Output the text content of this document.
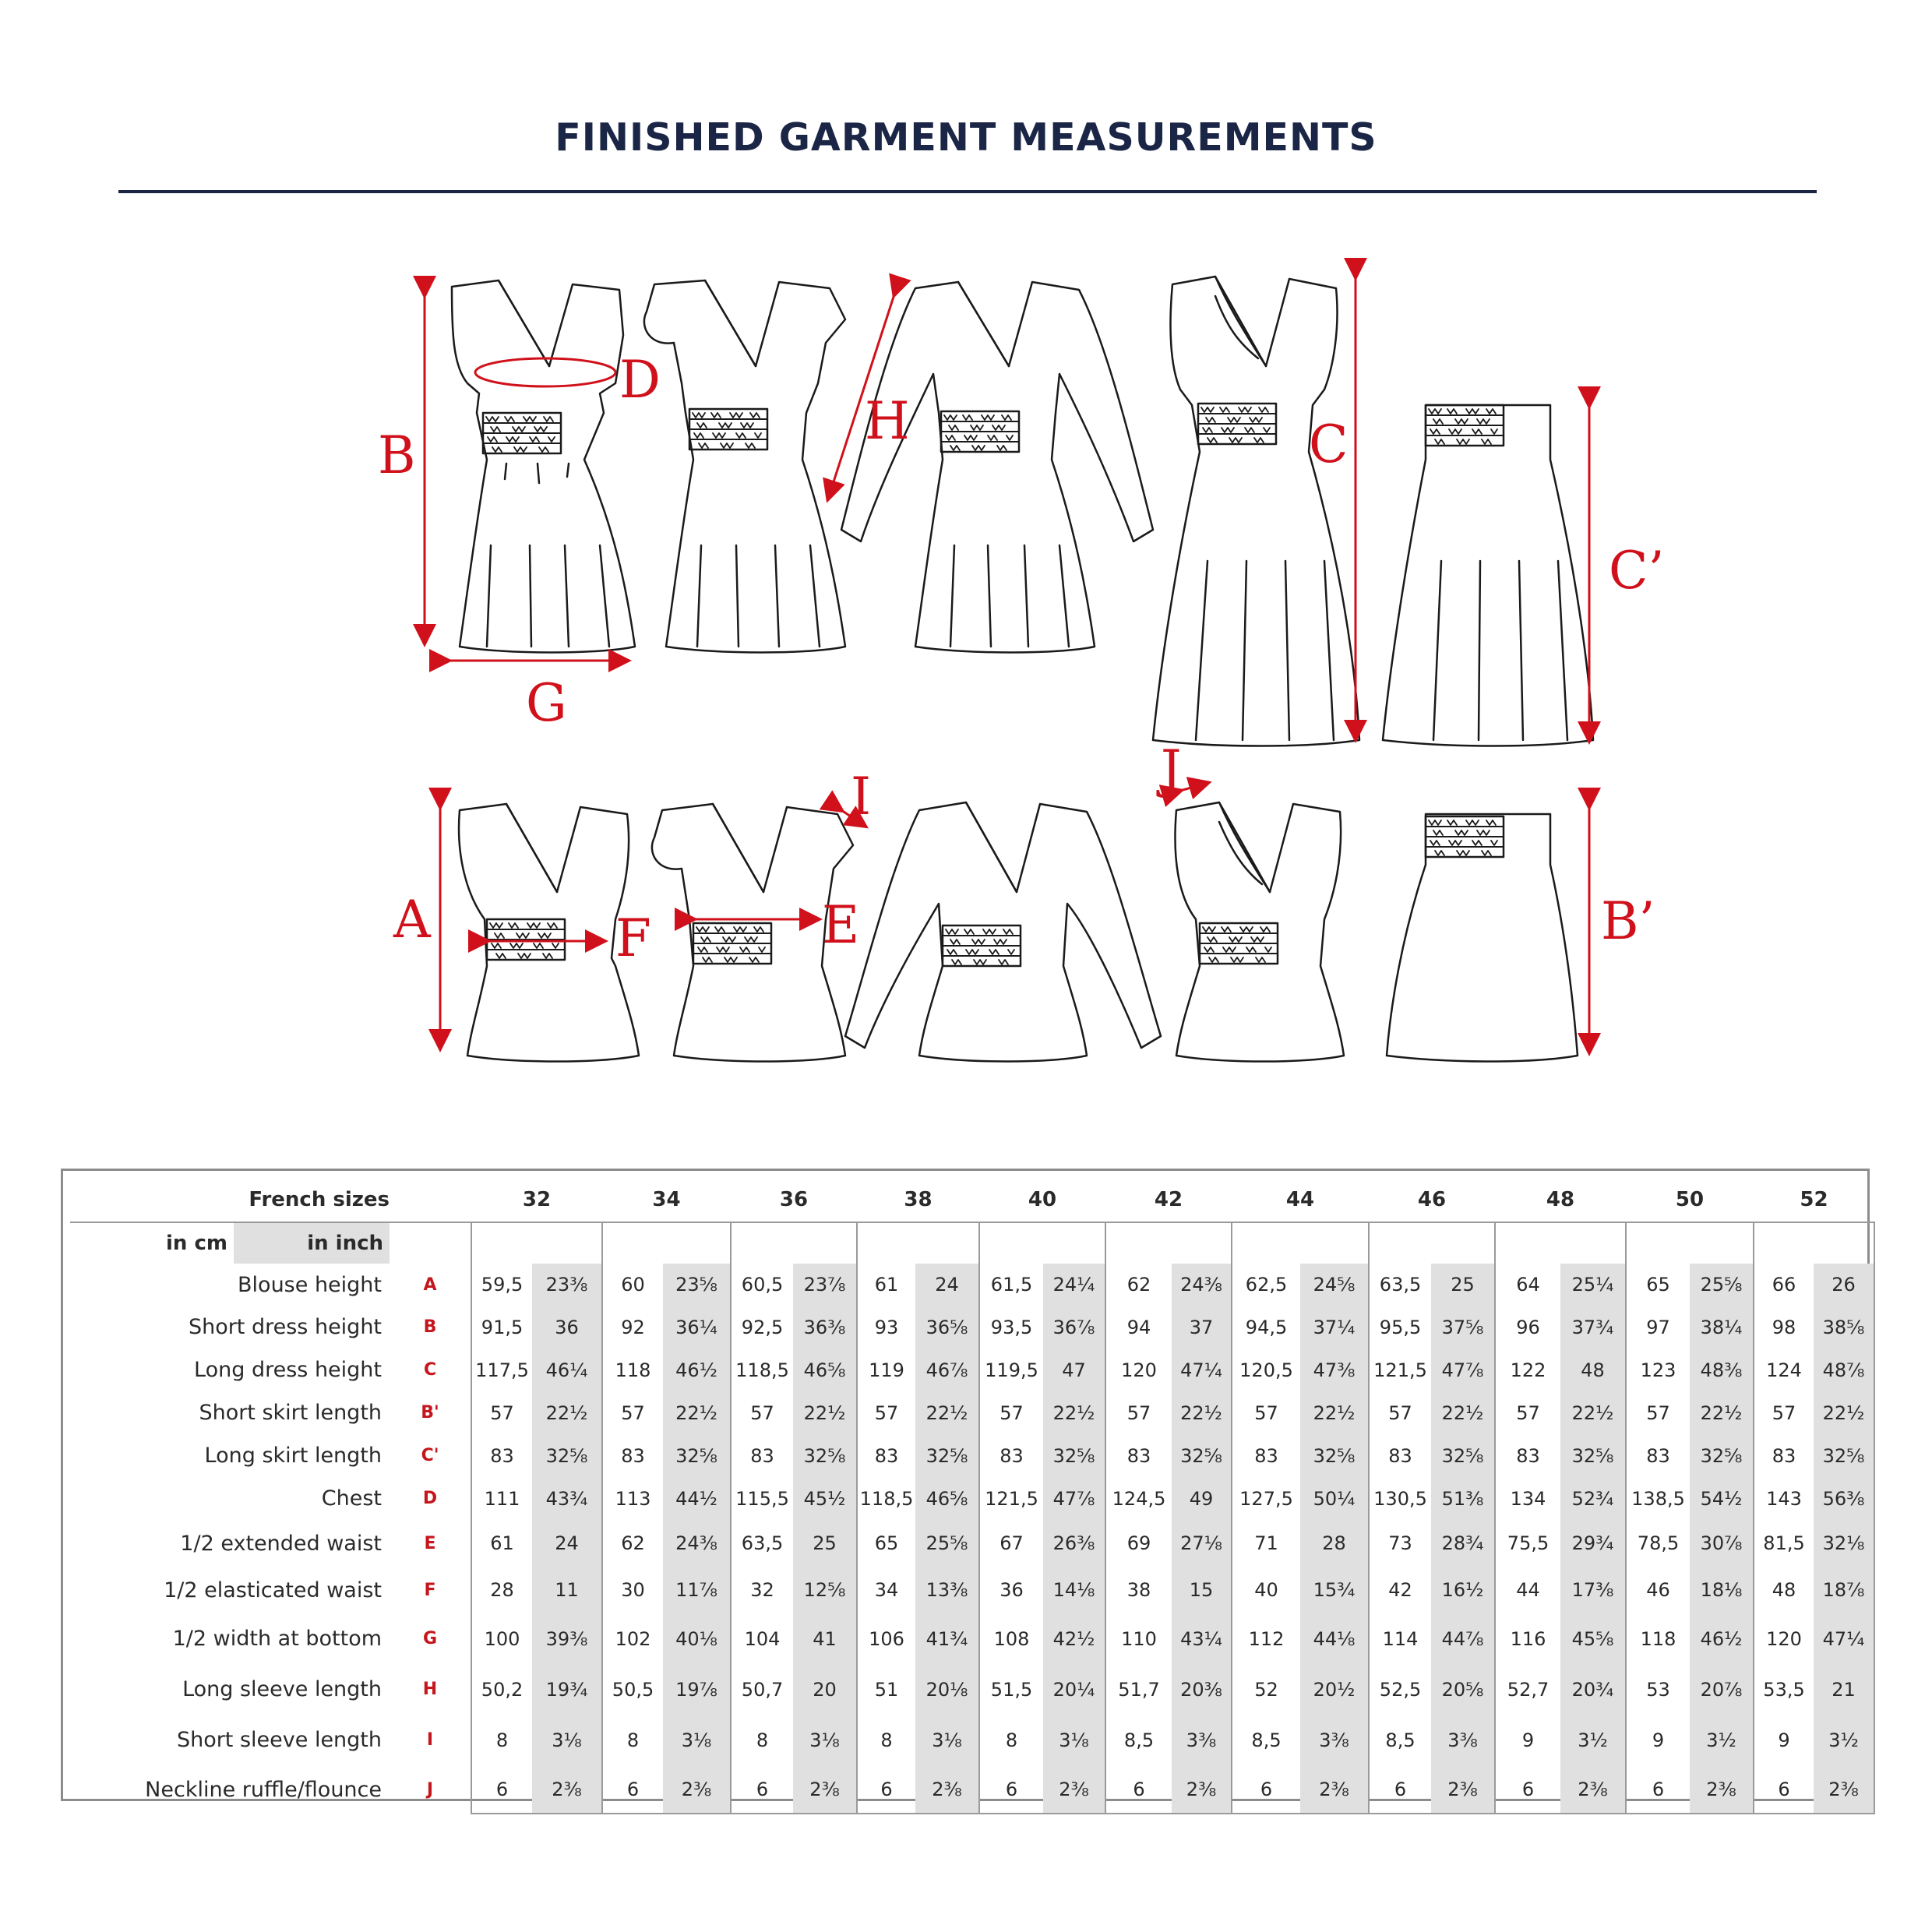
FINISHED GARMENT MEASUREMENTS
B
D
G
H	C
C’
J
I
A	F	E	B’
French sizes			32		34		36		38		40		42		44		46		48		50		52	
in cm	in inch																							
Blouse height		A	59,5	23⅜	60	23⅝	60,5	23⅞	61	24	61,5	24¼	62	24⅜	62,5	24⅝	63,5	25	64	25¼	65	25⅝	66	26
Short dress height		B	91,5	36	92	36¼	92,5	36⅜	93	36⅝	93,5	36⅞	94	37	94,5	37¼	95,5	37⅝	96	37¾	97	38¼	98	38⅝
Long dress height		C	117,5	46¼	118	46½	118,5	46⅝	119	46⅞	119,5	47	120	47¼	120,5	47⅜	121,5	47⅞	122	48	123	48⅜	124	48⅞
Short skirt length		B'	57	22½	57	22½	57	22½	57	22½	57	22½	57	22½	57	22½	57	22½	57	22½	57	22½	57	22½
Long skirt length		C'	83	32⅝	83	32⅝	83	32⅝	83	32⅝	83	32⅝	83	32⅝	83	32⅝	83	32⅝	83	32⅝	83	32⅝	83	32⅝
Chest		D	111	43¾	113	44½	115,5	45½	118,5	46⅝	121,5	47⅞	124,5	49	127,5	50¼	130,5	51⅜	134	52¾	138,5	54½	143	56⅜
1/2 extended waist		E	61	24	62	24⅜	63,5	25	65	25⅝	67	26⅜	69	27⅛	71	28	73	28¾	75,5	29¾	78,5	30⅞	81,5	32⅛
1/2 elasticated waist		F	28	11	30	11⅞	32	12⅝	34	13⅜	36	14⅛	38	15	40	15¾	42	16½	44	17⅜	46	18⅛	48	18⅞
1/2 width at bottom		G	100	39⅜	102	40⅛	104	41	106	41¾	108	42½	110	43¼	112	44⅛	114	44⅞	116	45⅝	118	46½	120	47¼
Long sleeve length		H	50,2	19¾	50,5	19⅞	50,7	20	51	20⅛	51,5	20¼	51,7	20⅜	52	20½	52,5	20⅝	52,7	20¾	53	20⅞	53,5	21
Short sleeve length		I	8	3⅛	8	3⅛	8	3⅛	8	3⅛	8	3⅛	8,5	3⅜	8,5	3⅜	8,5	3⅜	9	3½	9	3½	9	3½
Neckline ruffle/flounce		J	6	2⅜	6	2⅜	6	2⅜	6	2⅜	6	2⅜	6	2⅜	6	2⅜	6	2⅜	6	2⅜	6	2⅜	6	2⅜
